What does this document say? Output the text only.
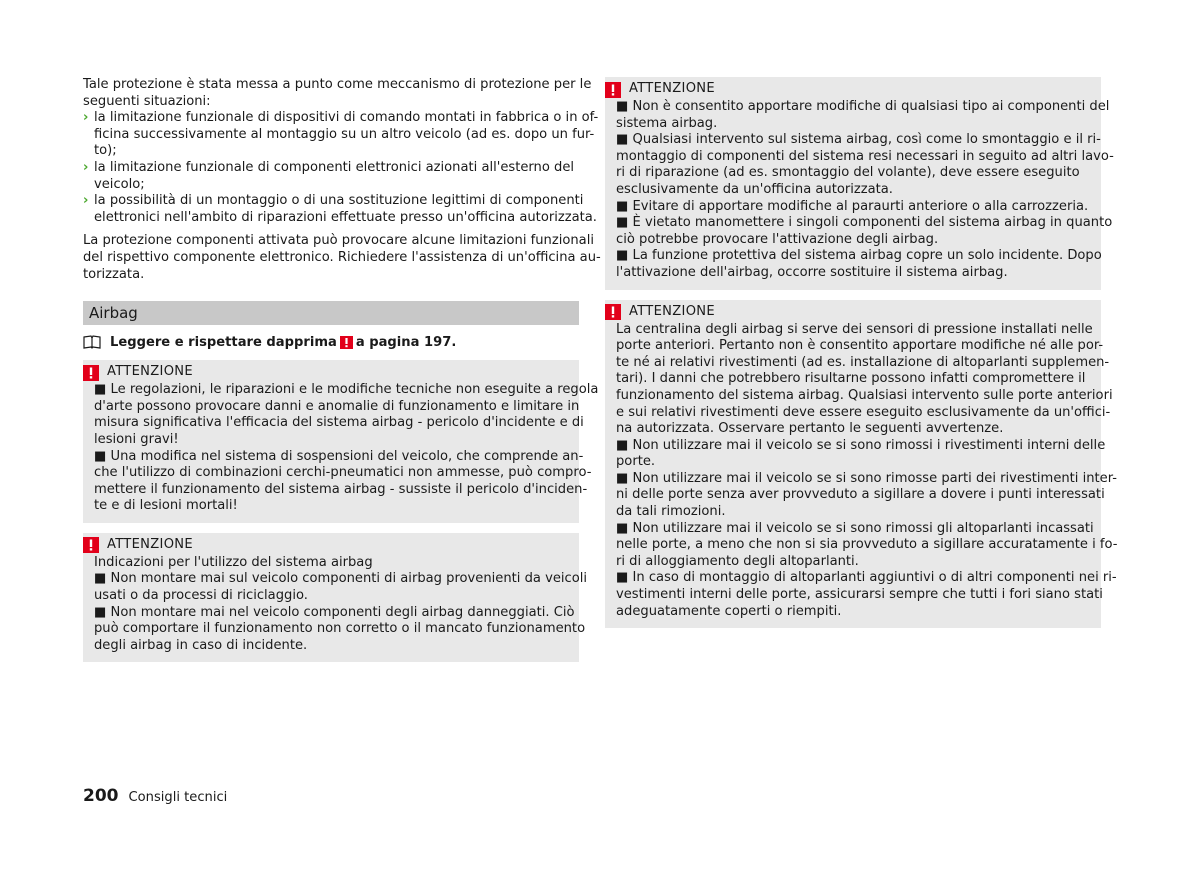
Tale protezione è stata messa a punto come meccanismo di protezione per le
seguenti situazioni:

› la limitazione funzionale di dispositivi di comando montati in fabbrica o in of-
ficina successivamente al montaggio su un altro veicolo (ad es. dopo un fur-
to);
› la limitazione funzionale di componenti elettronici azionati all'esterno del
veicolo;
› la possibilità di un montaggio o di una sostituzione legittimi di componenti
elettronici nell'ambito di riparazioni effettuate presso un'officina autorizzata.

La protezione componenti attivata può provocare alcune limitazioni funzionali
del rispettivo componente elettronico. Richiedere l'assistenza di un'officina au-
torizzata.

Airbag
Leggere e rispettare dapprima a pagina 197.
ATTENZIONE
■ Le regolazioni, le riparazioni e le modifiche tecniche non eseguite a regola
d'arte possono provocare danni e anomalie di funzionamento e limitare in
misura significativa l'efficacia del sistema airbag - pericolo d'incidente e di
lesioni gravi!
■ Una modifica nel sistema di sospensioni del veicolo, che comprende an-
che l'utilizzo di combinazioni cerchi-pneumatici non ammesse, può compro-
mettere il funzionamento del sistema airbag - sussiste il pericolo d'inciden-
te e di lesioni mortali!
ATTENZIONE
Indicazioni per l'utilizzo del sistema airbag
■ Non montare mai sul veicolo componenti di airbag provenienti da veicoli
usati o da processi di riciclaggio.
■ Non montare mai nel veicolo componenti degli airbag danneggiati. Ciò
può comportare il funzionamento non corretto o il mancato funzionamento
degli airbag in caso di incidente.
ATTENZIONE
■ Non è consentito apportare modifiche di qualsiasi tipo ai componenti del
sistema airbag.
■ Qualsiasi intervento sul sistema airbag, così come lo smontaggio e il ri-
montaggio di componenti del sistema resi necessari in seguito ad altri lavo-
ri di riparazione (ad es. smontaggio del volante), deve essere eseguito
esclusivamente da un'officina autorizzata.
■ Evitare di apportare modifiche al paraurti anteriore o alla carrozzeria.
■ È vietato manomettere i singoli componenti del sistema airbag in quanto
ciò potrebbe provocare l'attivazione degli airbag.
■ La funzione protettiva del sistema airbag copre un solo incidente. Dopo
l'attivazione dell'airbag, occorre sostituire il sistema airbag.
ATTENZIONE
La centralina degli airbag si serve dei sensori di pressione installati nelle
porte anteriori. Pertanto non è consentito apportare modifiche né alle por-
te né ai relativi rivestimenti (ad es. installazione di altoparlanti supplemen-
tari). I danni che potrebbero risultarne possono infatti compromettere il
funzionamento del sistema airbag. Qualsiasi intervento sulle porte anteriori
e sui relativi rivestimenti deve essere eseguito esclusivamente da un'offici-
na autorizzata. Osservare pertanto le seguenti avvertenze.
■ Non utilizzare mai il veicolo se si sono rimossi i rivestimenti interni delle
porte.
■ Non utilizzare mai il veicolo se si sono rimosse parti dei rivestimenti inter-
ni delle porte senza aver provveduto a sigillare a dovere i punti interessati
da tali rimozioni.
■ Non utilizzare mai il veicolo se si sono rimossi gli altoparlanti incassati
nelle porte, a meno che non si sia provveduto a sigillare accuratamente i fo-
ri di alloggiamento degli altoparlanti.
■ In caso di montaggio di altoparlanti aggiuntivi o di altri componenti nei ri-
vestimenti interni delle porte, assicurarsi sempre che tutti i fori siano stati
adeguatamente coperti o riempiti.
200 Consigli tecnici
